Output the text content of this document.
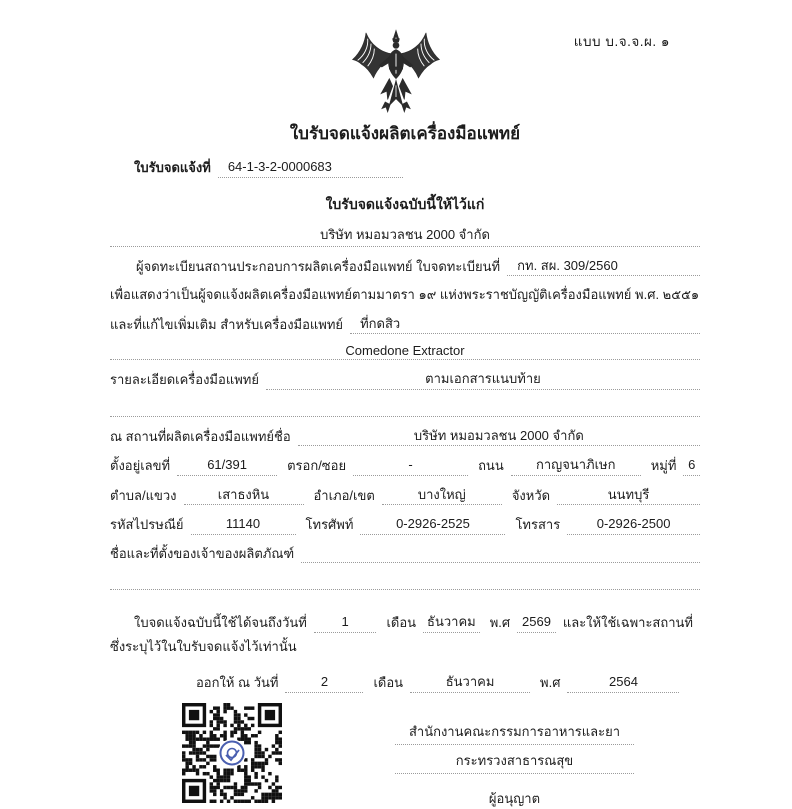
แบบ บ.จ.จ.ผ. ๑
ใบรับจดแจ้งผลิตเครื่องมือแพทย์
ใบรับจดแจ้งที่	64-1-3-2-0000683
ใบรับจดแจ้งฉบับนี้ให้ไว้แก่
บริษัท หมอมวลชน 2000 จำกัด
ผู้จดทะเบียนสถานประกอบการผลิตเครื่องมือแพทย์ ใบจดทะเบียนที่	กท. สผ. 309/2560
เพื่อแสดงว่าเป็นผู้จดแจ้งผลิตเครื่องมือแพทย์ตามมาตรา ๑๙ แห่งพระราชบัญญัติเครื่องมือแพทย์ พ.ศ. ๒๕๕๑
และที่แก้ไขเพิ่มเติม สำหรับเครื่องมือแพทย์	ที่กดสิว
Comedone Extractor
รายละเอียดเครื่องมือแพทย์	ตามเอกสารแนบท้าย
ณ สถานที่ผลิตเครื่องมือแพทย์ชื่อ	บริษัท หมอมวลชน 2000 จำกัด
ตั้งอยู่เลขที่	61/391	ตรอก/ซอย	-	ถนน	กาญจนาภิเษก	หมู่ที่ 6
ตำบล/แขวง	เสาธงหิน	อำเภอ/เขต	บางใหญ่	จังหวัด	นนทบุรี
รหัสไปรษณีย์	11140	โทรศัพท์	0-2926-2525	โทรสาร	0-2926-2500
ชื่อและที่ตั้งของเจ้าของผลิตภัณฑ์
ใบจดแจ้งฉบับนี้ใช้ได้จนถึงวันที่	1	เดือน ธันวาคม	พ.ศ 2569 และให้ใช้เฉพาะสถานที่
ซึ่งระบุไว้ในใบรับจดแจ้งไว้เท่านั้น
ออกให้ ณ วันที่	2	เดือน	ธันวาคม	พ.ศ	2564
สำนักงานคณะกรรมการอาหารและยา
กระทรวงสาธารณสุข
ผู้อนุญาต
